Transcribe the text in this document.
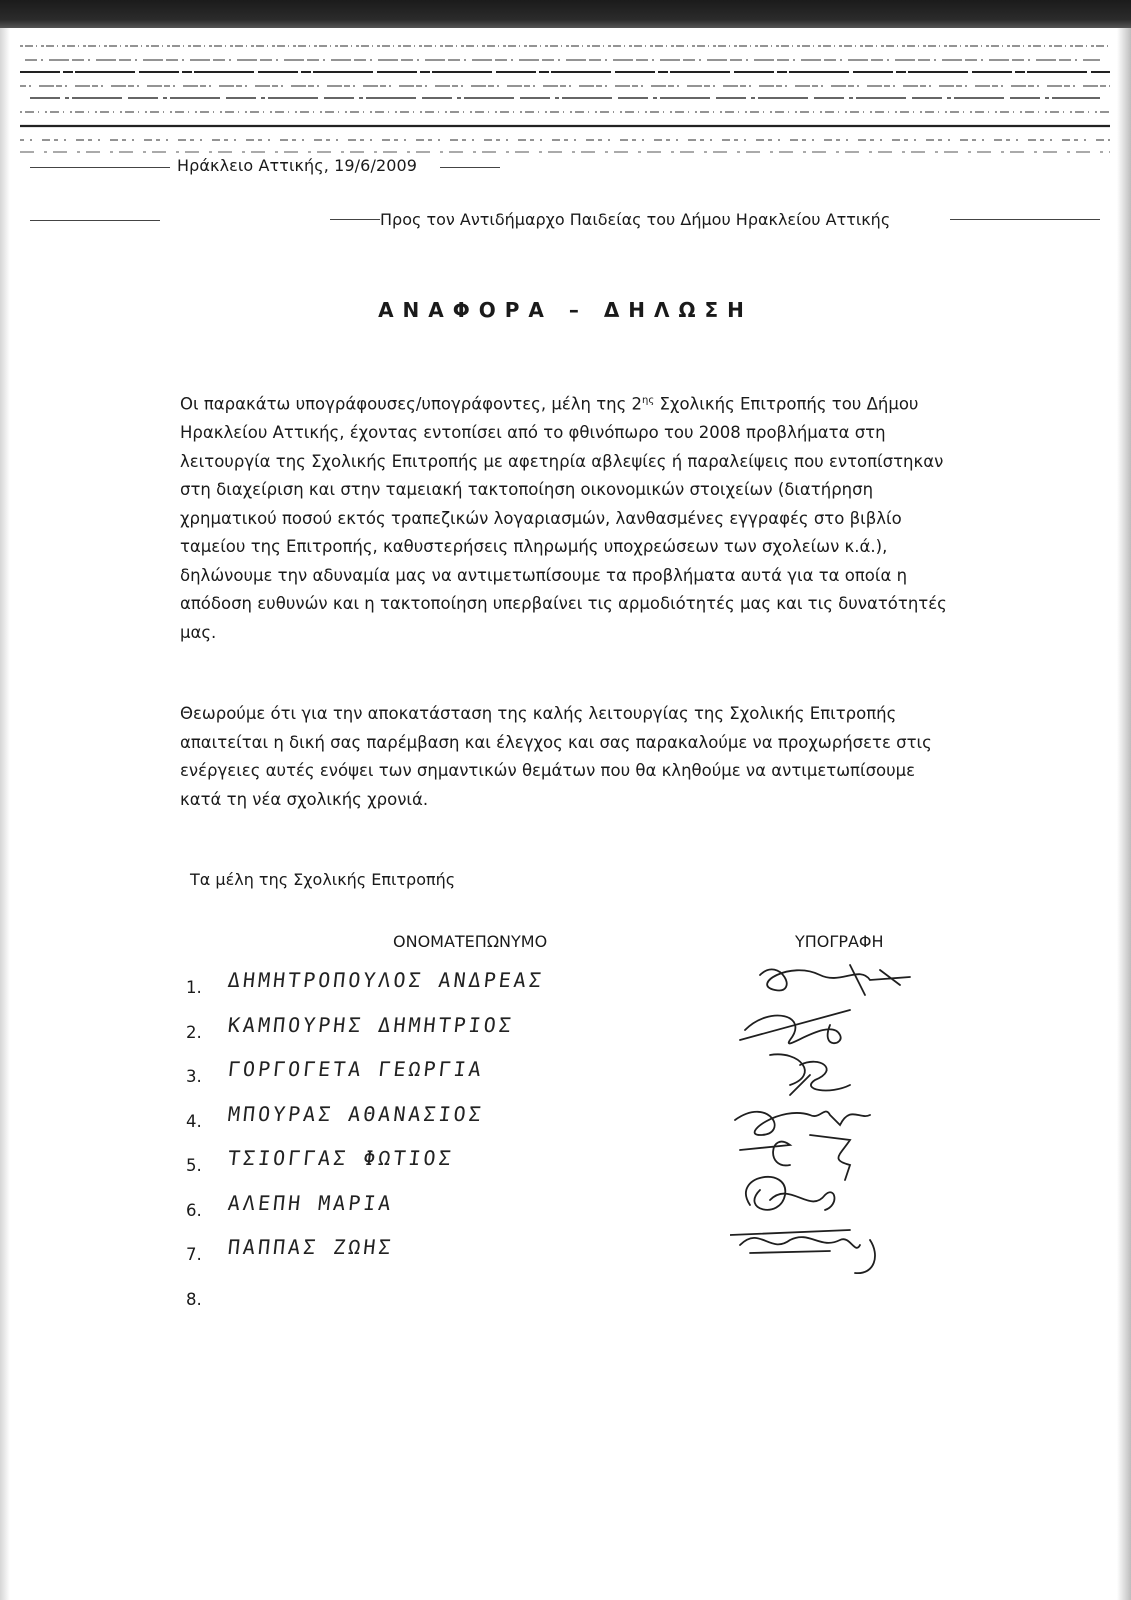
Ηράκλειο Αττικής, 19/6/2009
Προς τον Αντιδήμαρχο Παιδείας του Δήμου Ηρακλείου Αττικής
ΑΝΑΦΟΡΑ – ΔΗΛΩΣΗ

Οι παρακάτω υπογράφουσες/υπογράφοντες, μέλη της $2^{\eta\varsigma}$ Σχολικής Επιτροπής του Δήμου Ηρακλείου Αττικής, έχοντας εντοπίσει από το φθινόπωρο του 2008 προβλήματα στη λειτουργία της Σχολικής Επιτροπής με αφετηρία αβλεψίες ή παραλείψεις που εντοπίστηκαν στη διαχείριση και στην ταμειακή τακτοποίηση οικονομικών στοιχείων (διατήρηση χρηματικού ποσού εκτός τραπεζικών λογαριασμών, λανθασμένες εγγραφές στο βιβλίο ταμείου της Επιτροπής, καθυστερήσεις πληρωμής υποχρεώσεων των σχολείων κ.ά.), δηλώνουμε την αδυναμία μας να αντιμετωπίσουμε τα προβλήματα αυτά για τα οποία η απόδοση ευθυνών και η τακτοποίηση υπερβαίνει τις αρμοδιότητές μας και τις δυνατότητές μας.

Θεωρούμε ότι για την αποκατάσταση της καλής λειτουργίας της Σχολικής Επιτροπής απαιτείται η δική σας παρέμβαση και έλεγχος και σας παρακαλούμε να προχωρήσετε στις ενέργειες αυτές ενόψει των σημαντικών θεμάτων που θα κληθούμε να αντιμετωπίσουμε κατά τη νέα σχολικής χρονιά.

Τα μέλη της Σχολικής Επιτροπής
ΟΝΟΜΑΤΕΠΩΝΥΜΟ	ΥΠΟΓΡΑΦΗ
1. ΔΗΜΗΤΡΟΠΟΥΛΟΣ ΑΝΔΡΕΑΣ
2. ΚΑΜΠΟΥΡΗΣ ΔΗΜΗΤΡΙΟΣ
3. ΓΟΡΓΟΓΕΤΑ ΓΕΩΡΓΙΑ
4. ΜΠΟΥΡΑΣ ΑΘΑΝΑΣΙΟΣ
5. ΤΣΙΟΓΓΑΣ ΦΩΤΙΟΣ
6. ΑΛΕΠΗ ΜΑΡΙΑ
7. ΠΑΠΠΑΣ ΖΩΗΣ
8.
